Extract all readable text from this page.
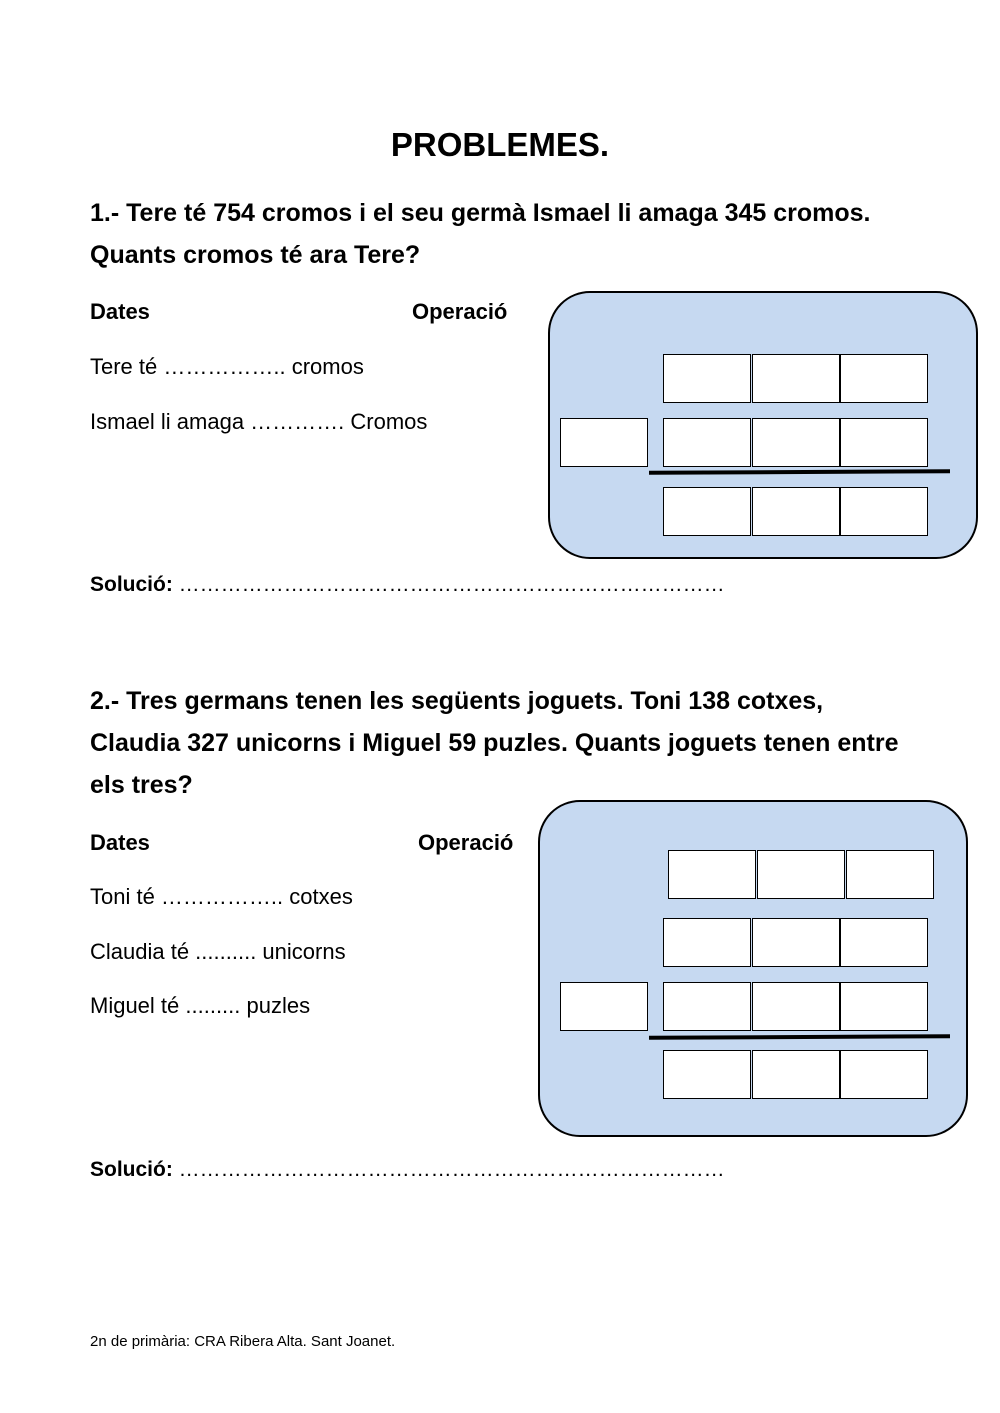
PROBLEMES.
1.- Tere té 754 cromos i el seu germà Ismael li amaga 345 cromos. Quants cromos té ara Tere?
Dates	Operació
Tere té …………….. cromos
Ismael li amaga …………. Cromos
Solució: ……………………………………………………………………
2.- Tres germans tenen les següents joguets. Toni 138 cotxes, Claudia 327 unicorns i Miguel 59 puzles. Quants joguets tenen entre els tres?
Dates	Operació
Toni té …………….. cotxes
Claudia té .......... unicorns
Miguel té ......... puzles
Solució: ……………………………………………………………………
2n de primària: CRA Ribera Alta. Sant Joanet.
